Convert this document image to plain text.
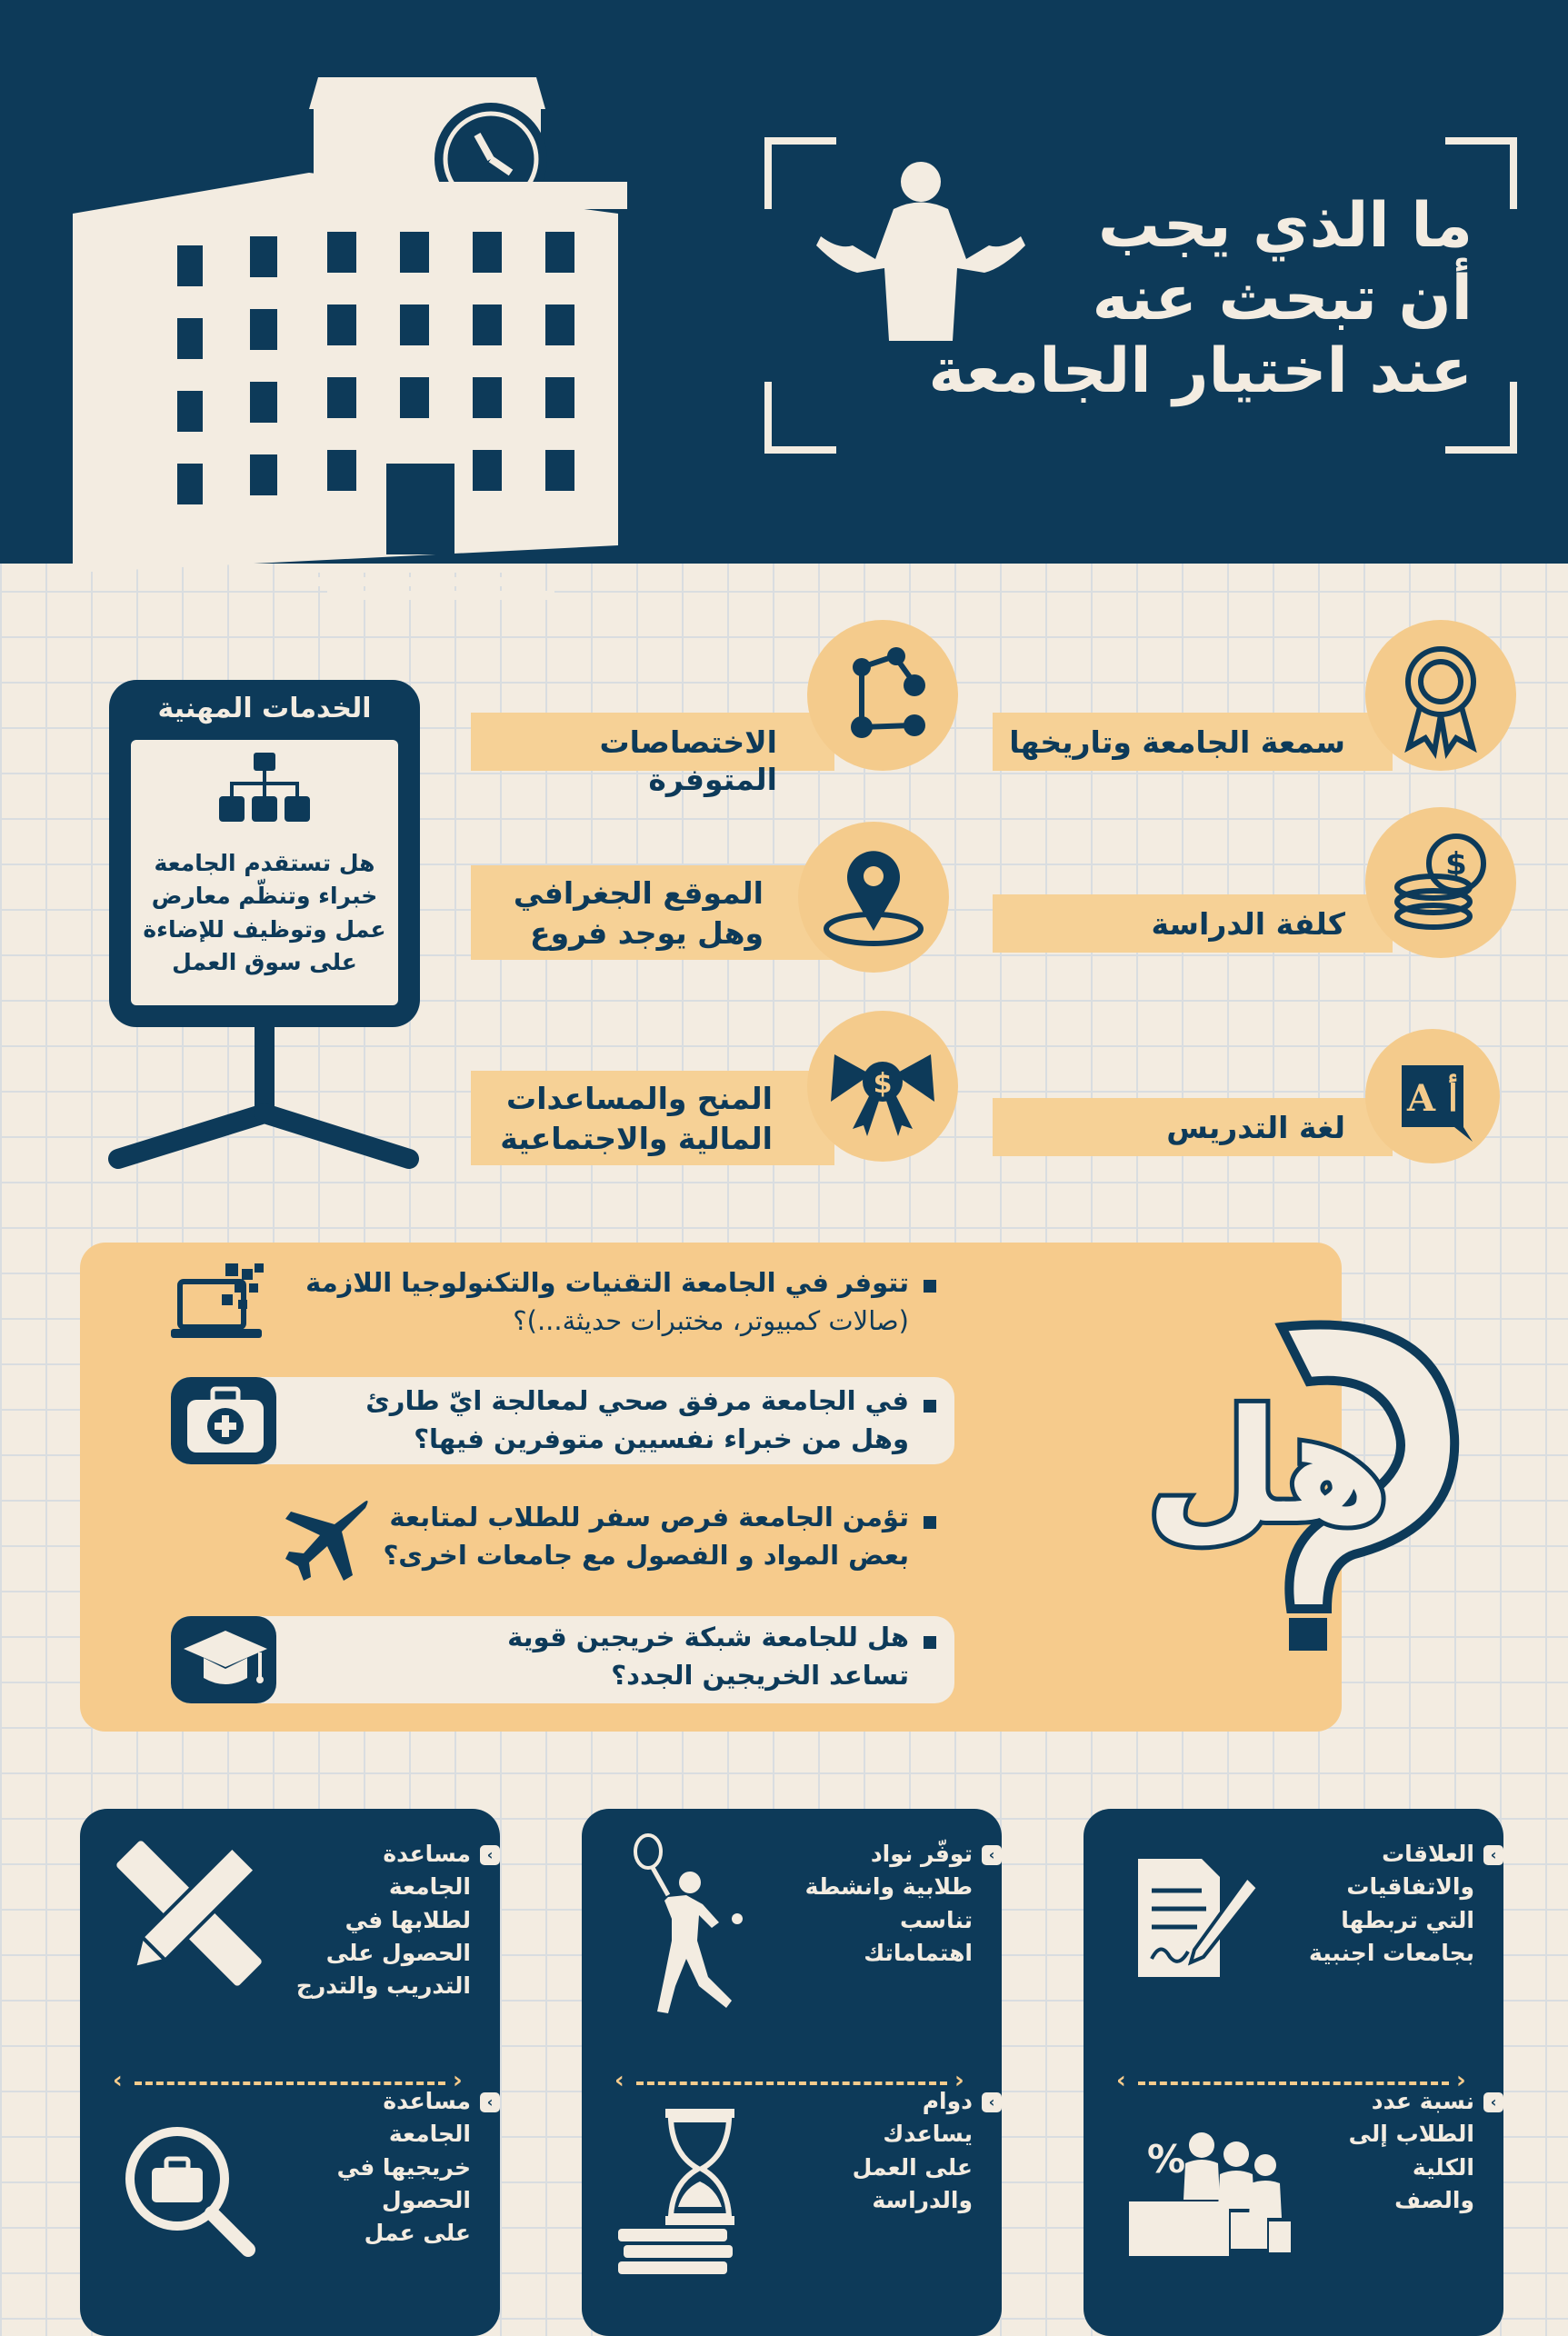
ما الذي يجب
أن تبحث عنه
عند اختيار الجامعة
سمعة الجامعة وتاريخها
كلفة الدراسة
$
لغة التدريس
A أ
الاختصاصات المتوفرة
الموقع الجغرافي
وهل يوجد فروع
المنح والمساعدات
المالية والاجتماعية
$
الخدمات المهنية
هل تستقدم الجامعة
خبراء وتنظّم معارض
عمل وتوظيف للإضاءة
على سوق العمل
هل
تتوفر في الجامعة التقنيات والتكنولوجيا اللازمة
(صالات كمبيوتر، مختبرات حديثة...)؟
في الجامعة مرفق صحي لمعالجة ايّ طارئ
وهل من خبراء نفسيين متوفرين فيها؟
تؤمن الجامعة فرص سفر للطلاب لمتابعة
بعض المواد و الفصول مع جامعات اخرى؟
هل للجامعة شبكة خريجين قوية
تساعد الخريجين الجدد؟
‹
العلاقات
والاتفاقيات
التي تربطها
بجامعات اجنبية
‹	›
‹
نسبة عدد
الطلاب إلى
الكلية
والصف
%
‹
توفّر نواد
طلابية وانشطة
تناسب
اهتماماتك
‹	›
‹
دوام
يساعدك
على العمل
والدراسة
‹
مساعدة
الجامعة
لطلابها في
الحصول على
التدريب والتدرج
‹	›
‹
مساعدة
الجامعة
خريجيها في
الحصول
على عمل
